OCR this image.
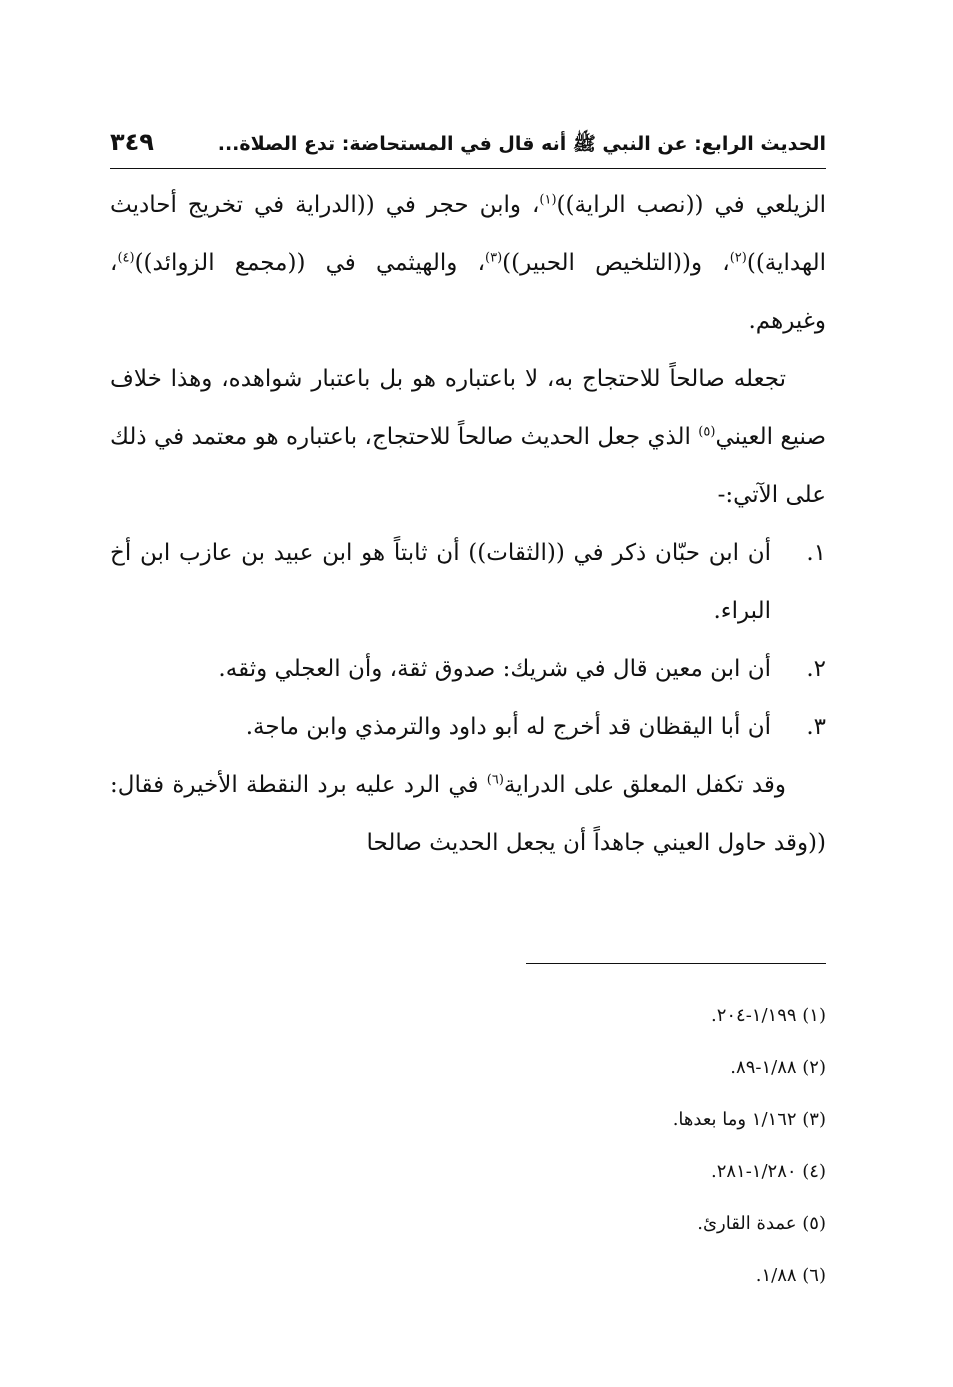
الحديث الرابع: عن النبي ﷺ أنه قال في المستحاضة: تدع الصلاة...
٣٤٩

الزيلعي في ((نصب الراية))$^{(١)}$، وابن حجر في ((الدراية في تخريج أحاديث الهداية))$^{(٢)}$، و((التلخيص الحبير))$^{(٣)}$، والهيثمي في ((مجمع الزوائد))$^{(٤)}$، وغيرهم.

تجعله صالحاً للاحتجاج به، لا باعتباره هو بل باعتبار شواهده، وهذا خلاف صنيع العيني$^{(٥)}$ الذي جعل الحديث صالحاً للاحتجاج، باعتباره هو معتمد في ذلك على الآتي:-

١.
أن ابن حبّان ذكر في ((الثقات)) أن ثابتاً هو ابن عبيد بن عازب ابن أخ البراء.
٢.
أن ابن معين قال في شريك: صدوق ثقة، وأن العجلي وثقه.
٣.
أن أبا اليقظان قد أخرج له أبو داود والترمذي وابن ماجة.

وقد تكفل المعلق على الدراية$^{(٦)}$ في الرد عليه برد النقطة الأخيرة فقال: ((وقد حاول العيني جاهداً أن يجعل الحديث صالحا

(١) ١/١٩٩-٢٠٤.
(٢) ١/٨٨-٨٩.
(٣) ١/١٦٢ وما بعدها.
(٤) ١/٢٨٠-٢٨١.
(٥) عمدة القارئ.
(٦) ١/٨٨.
